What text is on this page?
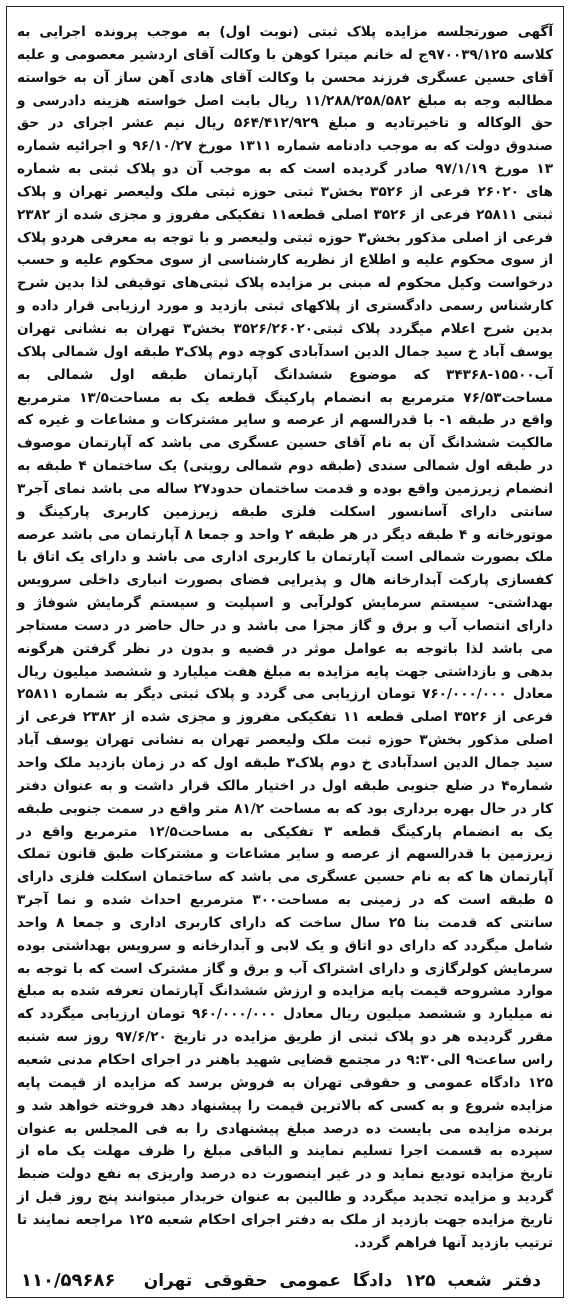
آگهی صورتجلسه مزایده پلاک ثبتی (نوبت اول) به موجب پرونده اجرایی به کلاسه ۹۷۰۰۳۹/۱۲۵ج له خانم میترا کوهن با وکالت آقای اردشیر معصومی و علیه آقای حسین عسگری فرزند محسن با وکالت آقای هادی آهن ساز آن به خواسته مطالبه وجه به مبلغ ۱۱/۲۸۸/۲۵۸/۵۸۲ ریال بابت اصل خواسته هزینه دادرسی و حق الوکاله و تاخیرتادیه و مبلغ ۵۶۴/۴۱۲/۹۲۹ ریال نیم عشر اجرای در حق صندوق دولت که به موجب دادنامه شماره ۱۳۱۱ مورخ ۹۶/۱۰/۲۷ و اجرائیه شماره ۱۳ مورخ ۹۷/۱/۱۹ صادر گردیده است که به موجب آن دو پلاک ثبتی به شماره های ۲۶۰۲۰ فرعی از ۳۵۲۶ بخش۳ ثبتی حوزه ثبتی ملک ولیعصر تهران و پلاک ثبتی ۲۵۸۱۱ فرعی از ۳۵۲۶ اصلی قطعه۱۱ تفکیکی مفروز و مجزی شده از ۲۳۸۲ فرعی از اصلی مذکور بخش۳ حوزه ثبتی ولیعصر و با توجه به معرفی هردو پلاک از سوی محکوم علیه و اطلاع از نظریه کارشناسی از سوی محکوم علیه و حسب درخواست وکیل محکوم له مبنی بر مزایده پلاک ثبتی‌های توقیفی لذا بدین شرح کارشناس رسمی دادگستری از پلاکهای ثبتی بازدید و مورد ارزیابی قرار داده و بدین شرح اعلام میگردد پلاک ثبتی۳۵۲۶/۲۶۰۲۰ بخش۳ تهران به نشانی تهران یوسف آباد خ سید جمال الدین اسدآبادی کوچه دوم پلاک۳ طبقه اول شمالی پلاک آب۱۵۵۰۰-۳۴۳۶۸ که موضوع ششدانگ آپارتمان طبقه اول شمالی به مساحت۷۶/۵۳ مترمربع به انضمام پارکینگ قطعه یک به مساحت۱۳/۵ مترمربع واقع در طبقه ۱- با قدرالسهم از عرصه و سایر مشترکات و مشاعات و غیره که مالکیت ششدانگ آن به نام آقای حسین عسگری می باشد که آپارتمان موصوف در طبقه اول شمالی سندی (طبقه دوم شمالی رویتی) یک ساختمان ۴ طبقه به انضمام زیرزمین واقع بوده و قدمت ساختمان حدود۲۷ ساله می باشد نمای آجر۳ سانتی دارای آسانسور اسکلت فلزی طبقه زیرزمین کاربری پارکینگ و موتورخانه و ۴ طبقه دیگر در هر طبقه ۲ واحد و جمعا ۸ آپارتمان می باشد عرصه ملک بصورت شمالی است آپارتمان با کاربری اداری می باشد و دارای یک اتاق با کفسازی پارکت آبدارخانه هال و پذیرایی فضای بصورت انباری داخلی سرویس بهداشتی- سیستم سرمایش کولرآبی و اسپلیت و سیستم گرمایش شوفاژ و دارای انتصاب آب و برق و گاز مجزا می باشد و در حال حاضر در دست مستاجر می باشد لذا باتوجه به عوامل موثر در قضیه و بدون در نظر گرفتن هرگونه بدهی و بازداشتی جهت پایه مزایده به مبلغ هفت میلیارد و ششصد میلیون ریال معادل ۷۶۰/۰۰۰/۰۰۰ تومان ارزیابی می گردد و پلاک ثبتی دیگر به شماره ۲۵۸۱۱ فرعی از ۳۵۲۶ اصلی قطعه ۱۱ تفکیکی مفروز و مجزی شده از ۲۳۸۲ فرعی از اصلی مذکور بخش۳ حوزه ثبت ملک ولیعصر تهران به نشانی تهران یوسف آباد سید جمال الدین اسدآبادی خ دوم پلاک۳ طبقه اول که در زمان بازدید ملک واحد شماره۴ در ضلع جنوبی طبقه اول در اختیار مالک قرار داشت و به عنوان دفتر کار در حال بهره برداری بود که به مساحت ۸۱/۲ متر واقع در سمت جنوبی طبقه یک به انضمام پارکینگ قطعه ۳ تفکیکی به مساحت۱۲/۵ مترمربع واقع در زیرزمین با قدرالسهم از عرصه و سایر مشاعات و مشترکات طبق قانون تملک آپارتمان ها که به نام حسین عسگری می باشد که ساختمان اسکلت فلزی دارای ۵ طبقه است که در زمینی به مساحت۳۰۰ مترمربع احداث شده و نما آجر۳ سانتی که قدمت بنا ۲۵ سال ساخت که دارای کاربری اداری و جمعا ۸ واحد شامل میگردد که دارای دو اتاق و یک لابی و آبدارخانه و سرویس بهداشتی بوده سرمایش کولرگازی و دارای اشتراک آب و برق و گاز مشترک است که با توجه به موارد مشروحه قیمت پایه مزایده و ارزش ششدانگ آپارتمان تعرفه شده به مبلغ نه میلیارد و ششصد میلیون ریال معادل ۹۶۰/۰۰۰/۰۰۰ تومان ارزیابی میگردد که مقرر گردیده هر دو پلاک ثبتی از طریق مزایده در تاریخ ۹۷/۶/۲۰ روز سه شنبه راس ساعت۹ الی۹:۳۰ در مجتمع قضایی شهید باهنر در اجرای احکام مدنی شعبه ۱۲۵ دادگاه عمومی و حقوقی تهران به فروش برسد که مزایده از قیمت پایه مزایده شروع و به کسی که بالاترین قیمت را پیشنهاد دهد فروخته خواهد شد و برنده مزایده می بایست ده درصد مبلغ پیشنهادی را به فی المجلس به عنوان سپرده به قسمت اجرا تسلیم نمایند و الباقی مبلغ را ظرف مهلت یک ماه از تاریخ مزایده تودیع نماید و در غیر اینصورت ده درصد واریزی به نفع دولت ضبط گردید و مزایده تجدید میگردد و طالبین به عنوان خریدار میتوانند پنج روز قبل از تاریخ مزایده جهت بازدید از ملک به دفتر اجرای احکام شعبه ۱۲۵ مراجعه نمایند تا ترتیب بازدید آنها فراهم گردد.

دفتر شعب ۱۲۵ دادگا عمومی حقوقی تهران
۱۱۰/۵۹۶۸۶
